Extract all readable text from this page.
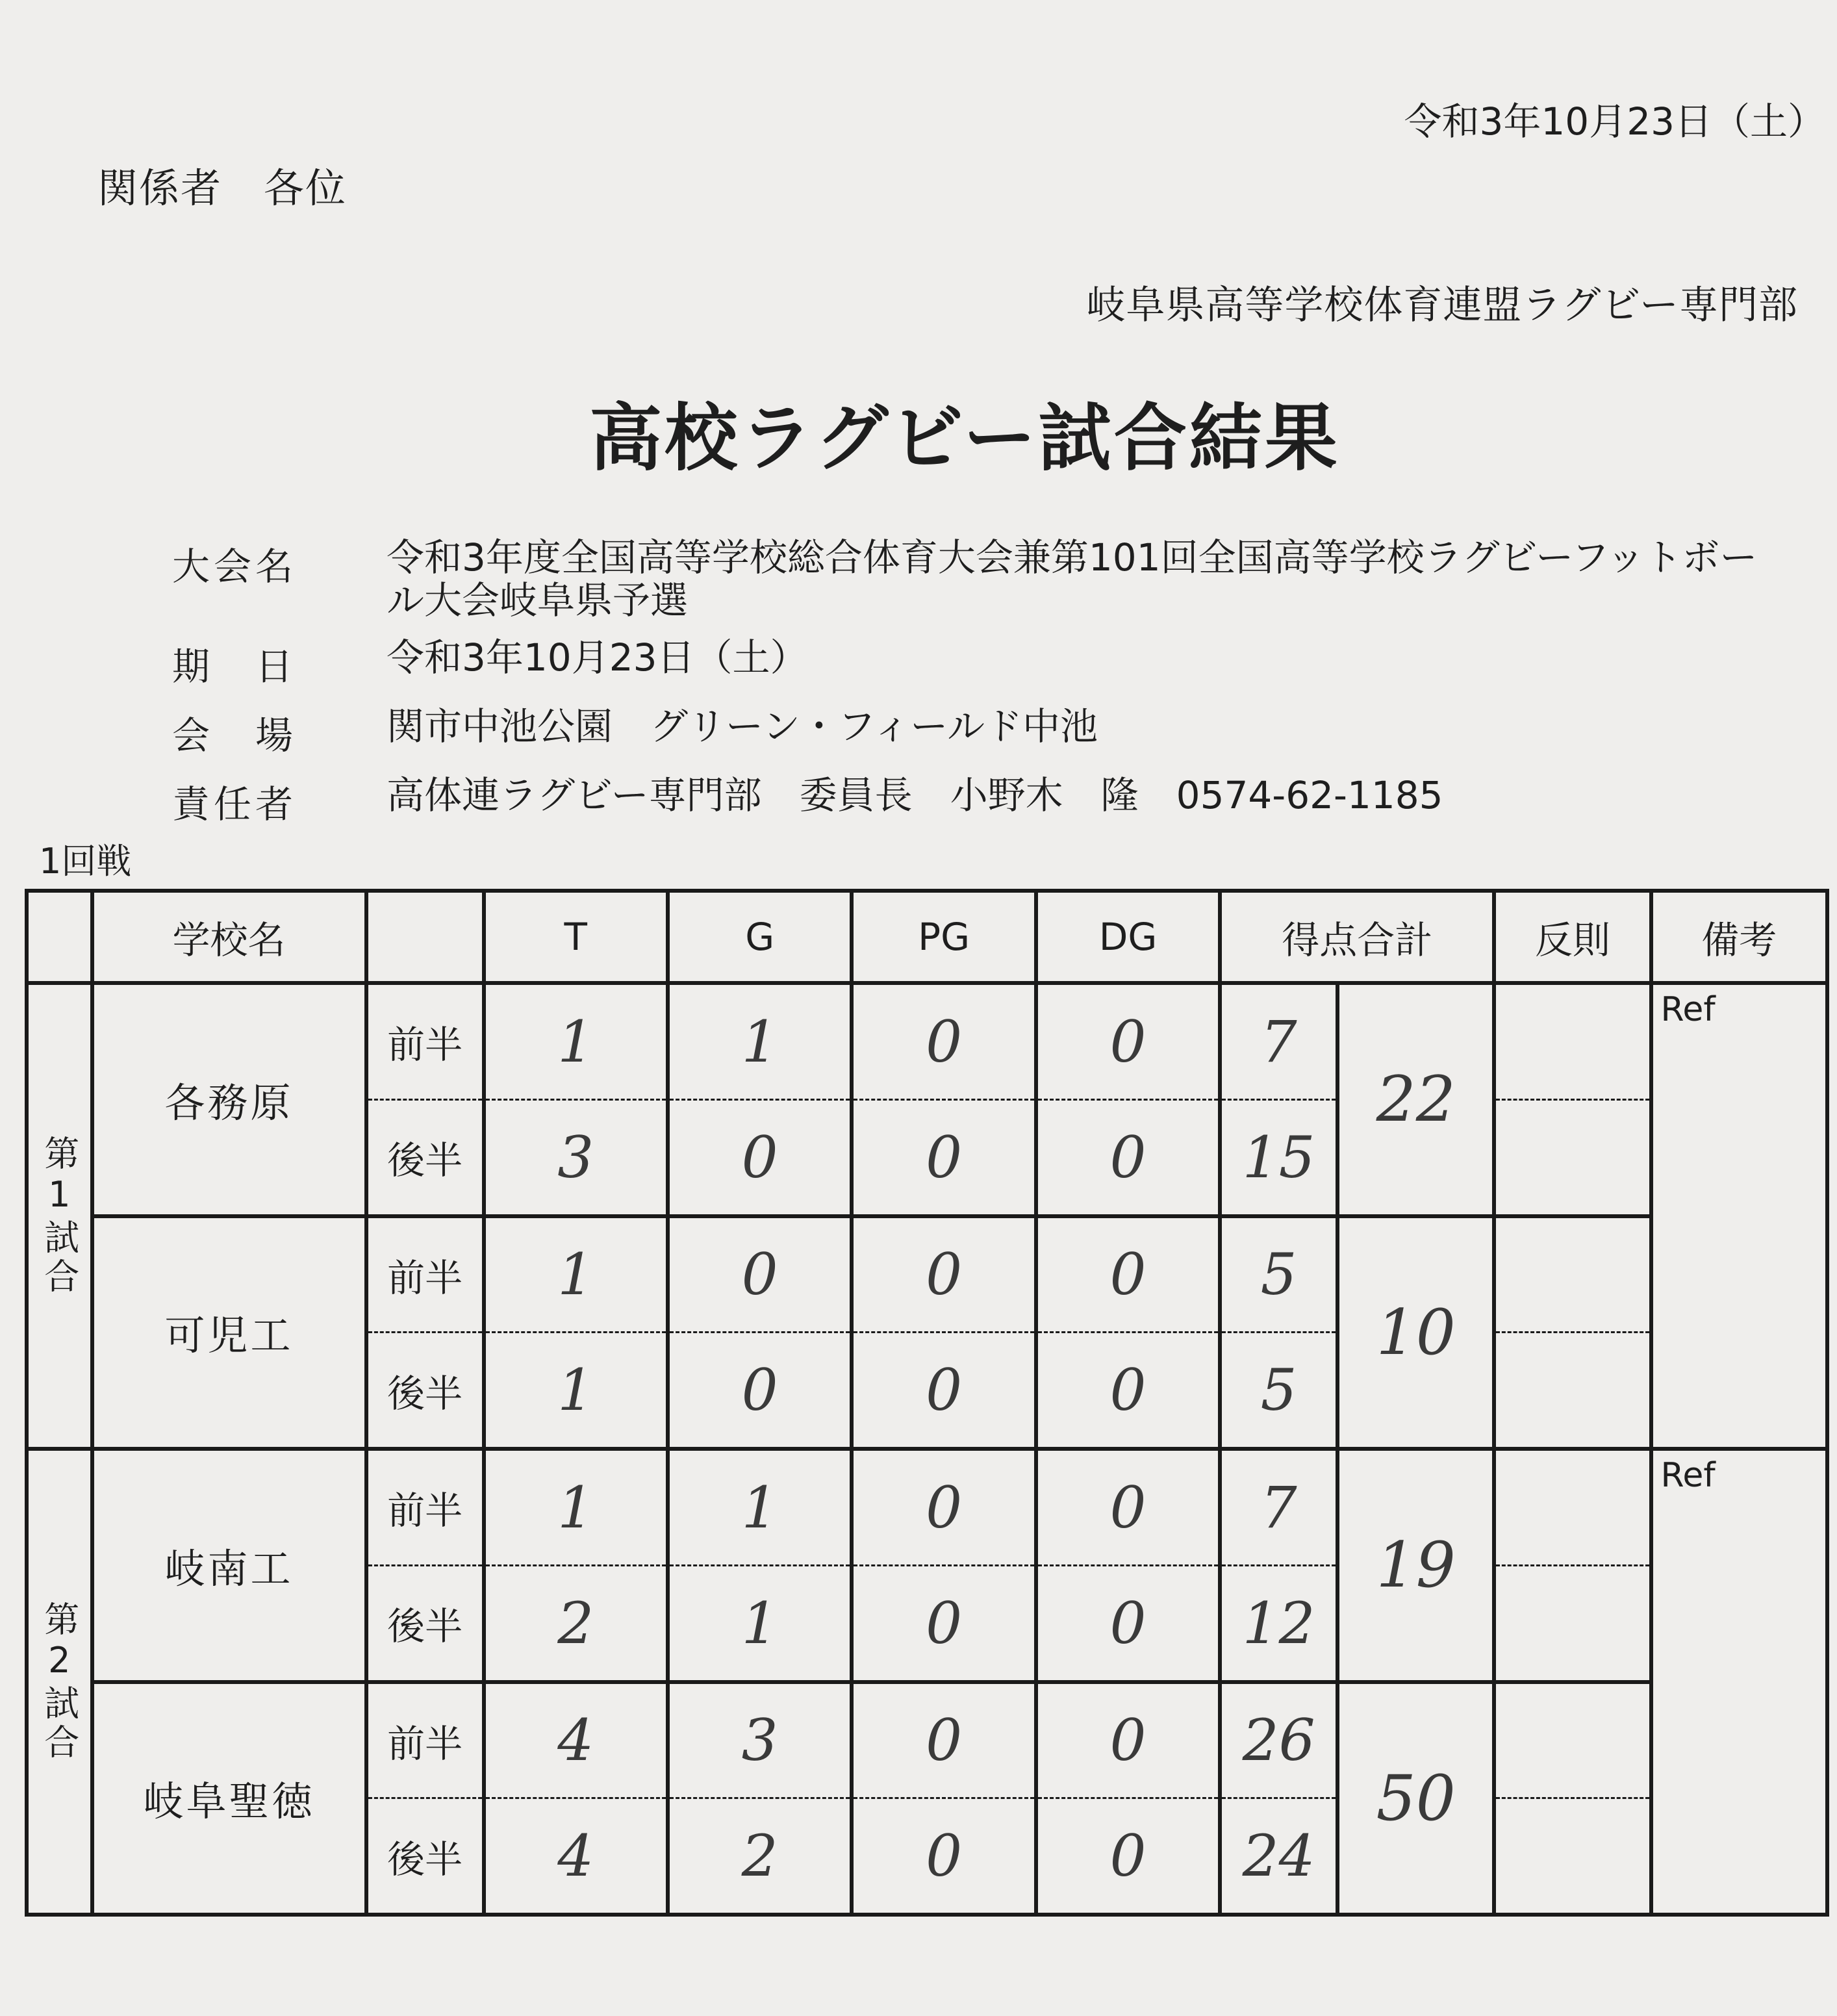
令和3年10月23日（土）
関係者　各位
岐阜県高等学校体育連盟ラグビー専門部
高校ラグビー試合結果
大会名	令和3年度全国高等学校総合体育大会兼第101回全国高等学校ラグビーフットボール大会岐阜県予選
期　日	令和3年10月23日（土）
会　場	関市中池公園　グリーン・フィールド中池
責任者	高体連ラグビー専門部　委員長　小野木　隆　0574-62-1185
1回戦
	学校名		T	G	PG	DG	得点合計		反則	備考
第1試合	各務原	前半	1	1	0	0	7	22		Ref
		後半	3	0	0	0	15			
	可児工	前半	1	0	0	0	5	10		
		後半	1	0	0	0	5			
第2試合	岐南工	前半	1	1	0	0	7	19		Ref
		後半	2	1	0	0	12			
	岐阜聖徳	前半	4	3	0	0	26	50		
		後半	4	2	0	0	24			
